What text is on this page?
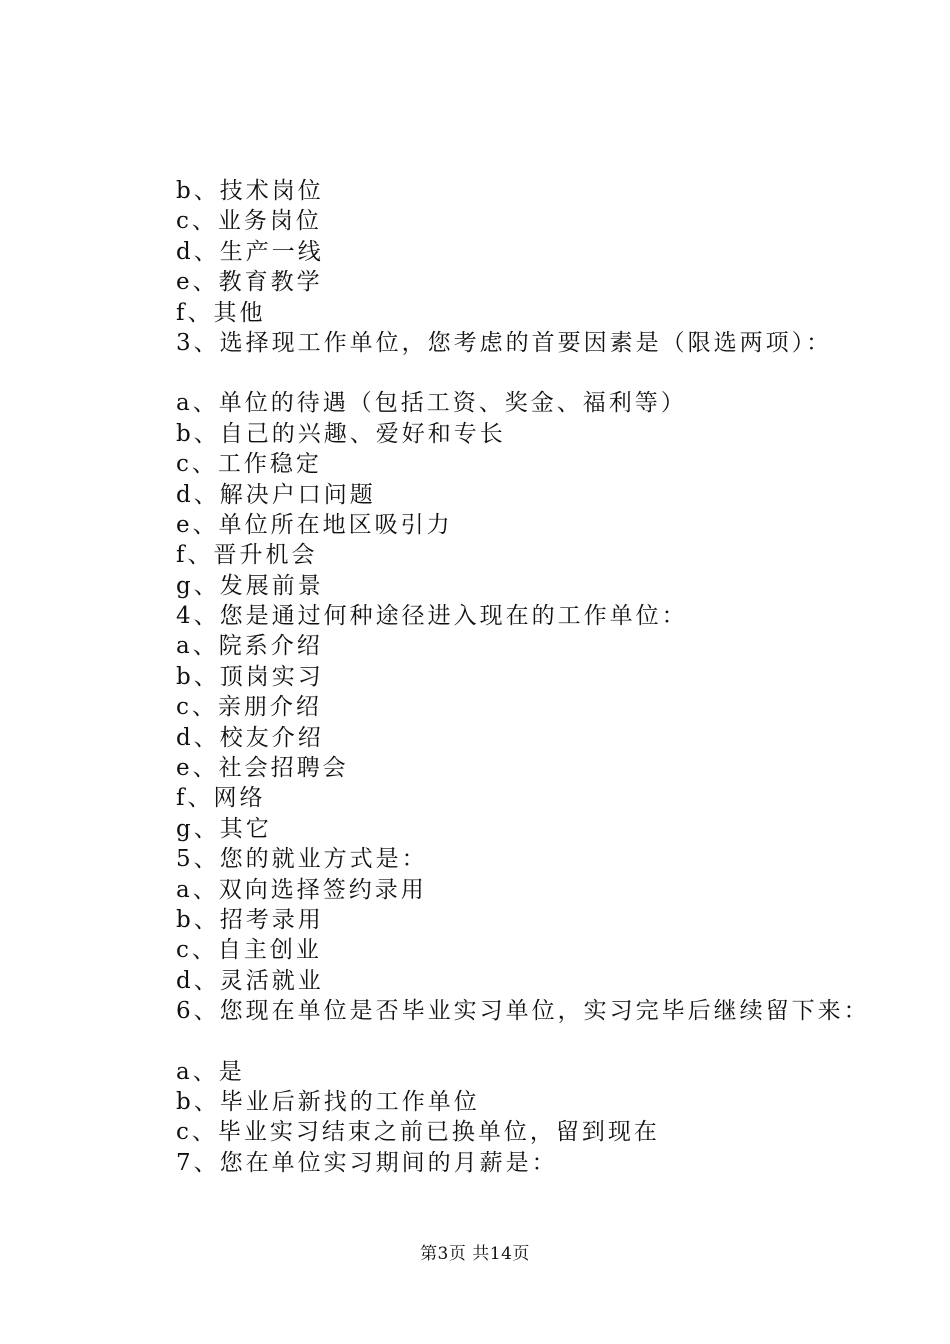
b、技术岗位
c、业务岗位
d、生产一线
e、教育教学
f、其他
3、选择现工作单位，您考虑的首要因素是（限选两项）：
a、单位的待遇（包括工资、奖金、福利等）
b、自己的兴趣、爱好和专长
c、工作稳定
d、解决户口问题
e、单位所在地区吸引力
f、晋升机会
g、发展前景
4、您是通过何种途径进入现在的工作单位：
a、院系介绍
b、顶岗实习
c、亲朋介绍
d、校友介绍
e、社会招聘会
f、网络
g、其它
5、您的就业方式是：
a、双向选择签约录用
b、招考录用
c、自主创业
d、灵活就业
6、您现在单位是否毕业实习单位，实习完毕后继续留下来：
a、是
b、毕业后新找的工作单位
c、毕业实习结束之前已换单位，留到现在
7、您在单位实习期间的月薪是：
第3页 共14页
